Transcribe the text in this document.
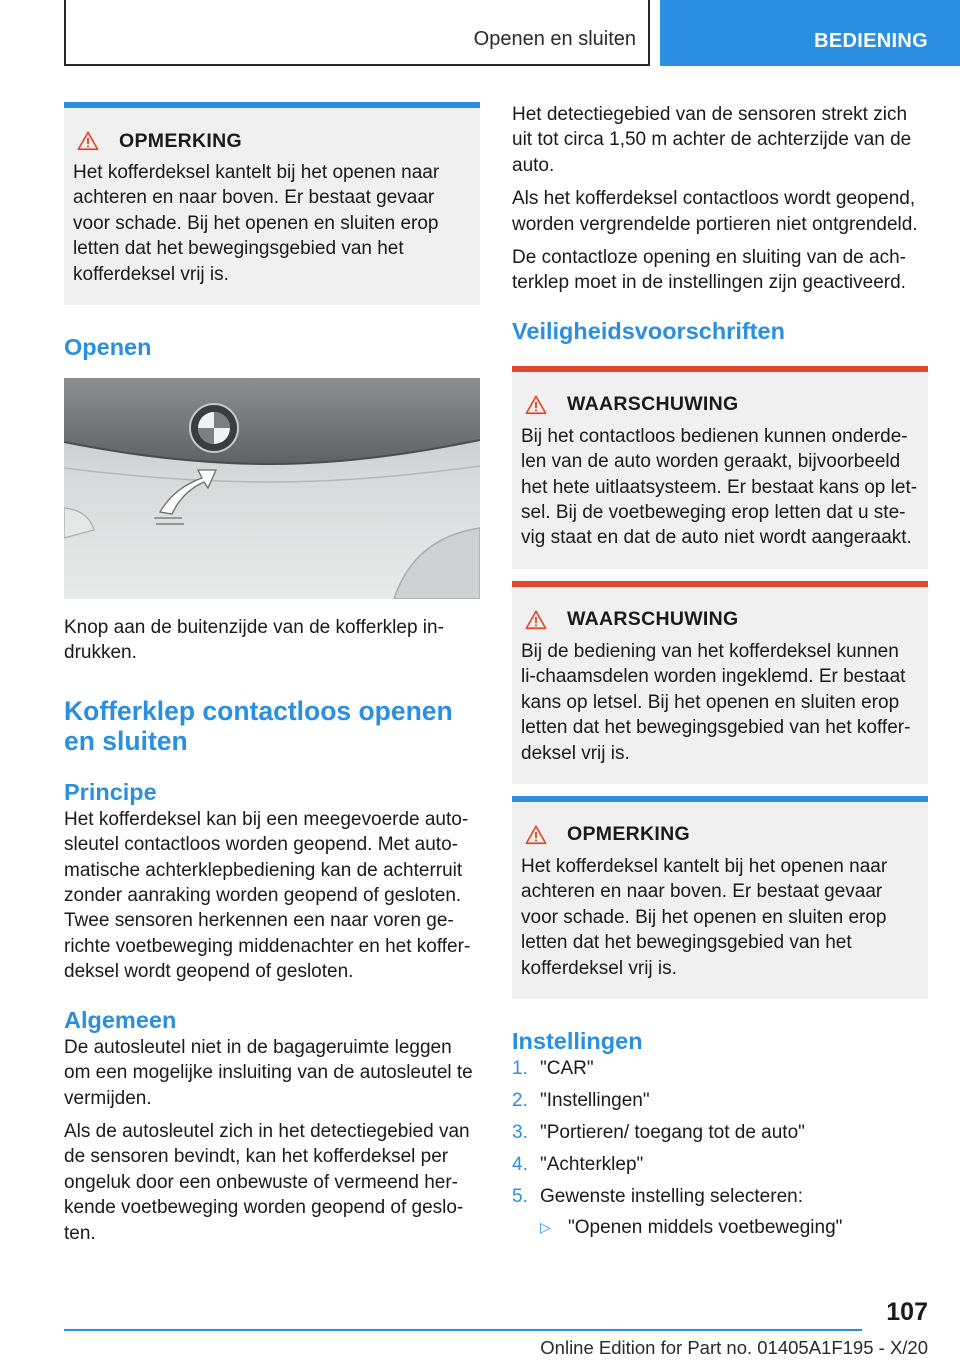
Openen en sluiten	BEDIENING
OPMERKING

Het kofferdeksel kantelt bij het openen naar achteren en naar boven. Er bestaat gevaar voor schade. Bij het openen en sluiten erop letten dat het bewegingsgebied van het kofferdeksel vrij is.

Openen

Knop aan de buitenzijde van de kofferklep in-drukken.

Kofferklep contactloos openen en sluiten
Principe

Het kofferdeksel kan bij een meegevoerde auto-sleutel contactloos worden geopend. Met auto-matische achterklepbediening kan de achterruit zonder aanraking worden geopend of gesloten. Twee sensoren herkennen een naar voren ge-richte voetbeweging middenachter en het koffer-deksel wordt geopend of gesloten.

Algemeen

De autosleutel niet in de bagageruimte leggen om een mogelijke insluiting van de autosleutel te vermijden.

Als de autosleutel zich in het detectiegebied van de sensoren bevindt, kan het kofferdeksel per ongeluk door een onbewuste of vermeend her-kende voetbeweging worden geopend of geslo-ten.

Het detectiegebied van de sensoren strekt zich uit tot circa 1,50 m achter de achterzijde van de auto.

Als het kofferdeksel contactloos wordt geopend, worden vergrendelde portieren niet ontgrendeld.

De contactloze opening en sluiting van de ach-terklep moet in de instellingen zijn geactiveerd.

Veiligheidsvoorschriften
WAARSCHUWING

Bij het contactloos bedienen kunnen onderde-len van de auto worden geraakt, bijvoorbeeld het hete uitlaatsysteem. Er bestaat kans op let-sel. Bij de voetbeweging erop letten dat u ste-vig staat en dat de auto niet wordt aangeraakt.

WAARSCHUWING

Bij de bediening van het kofferdeksel kunnen li-chaamsdelen worden ingeklemd. Er bestaat kans op letsel. Bij het openen en sluiten erop letten dat het bewegingsgebied van het koffer-deksel vrij is.

OPMERKING

Het kofferdeksel kantelt bij het openen naar achteren en naar boven. Er bestaat gevaar voor schade. Bij het openen en sluiten erop letten dat het bewegingsgebied van het kofferdeksel vrij is.

Instellingen
1. "CAR"
2. "Instellingen"
3. "Portieren/ toegang tot de auto"
4. "Achterklep"
5. Gewenste instelling selecteren:
▷ "Openen middels voetbeweging"
107
Online Edition for Part no. 01405A1F195 - X/20
